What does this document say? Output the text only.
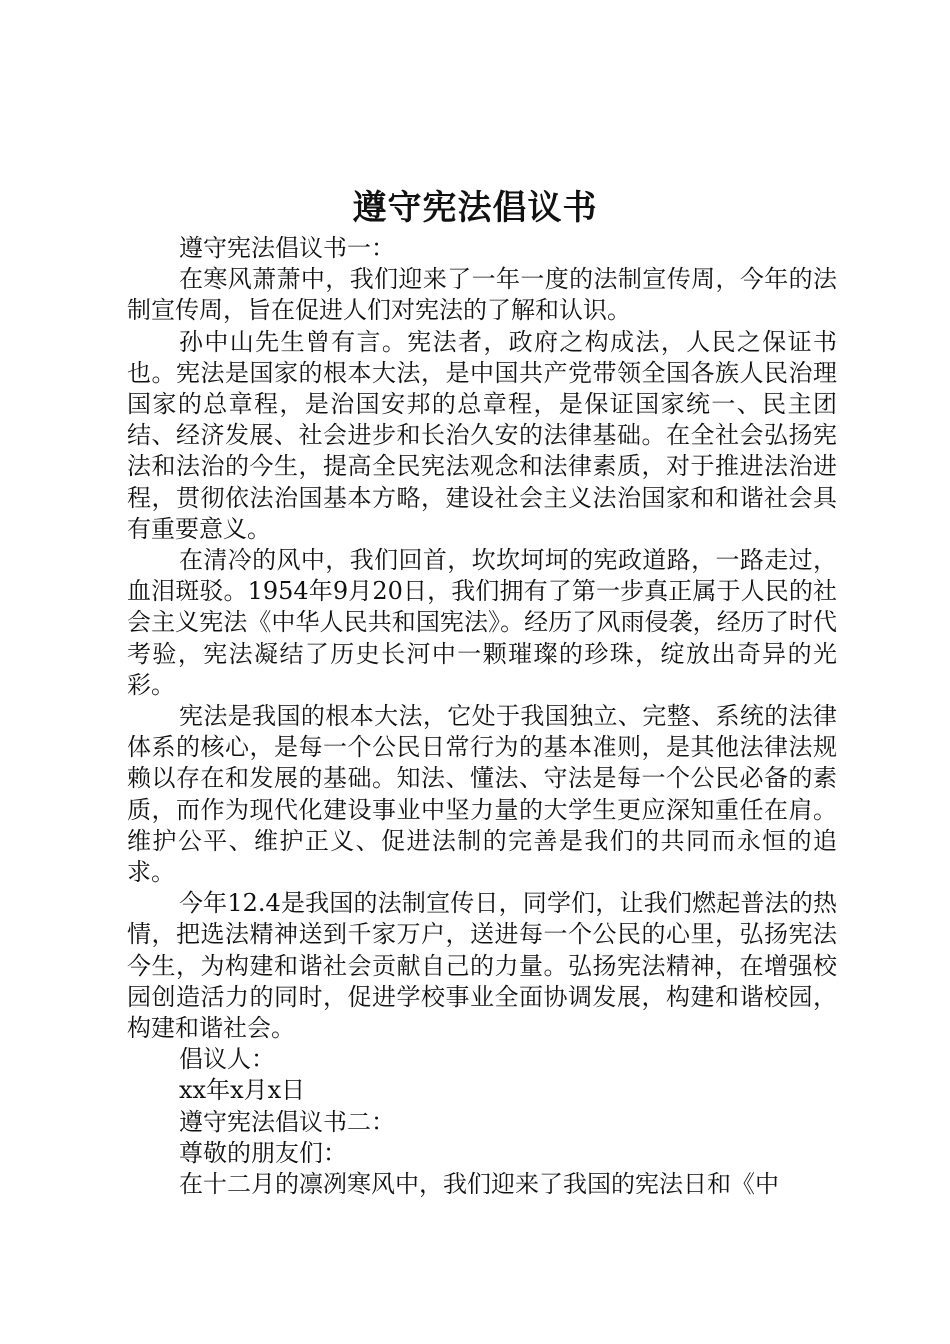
遵守宪法倡议书

遵守宪法倡议书一：

在寒风萧萧中，我们迎来了一年一度的法制宣传周，今年的法制宣传周，旨在促进人们对宪法的了解和认识。

孙中山先生曾有言。宪法者，政府之构成法，人民之保证书也。宪法是国家的根本大法，是中国共产党带领全国各族人民治理国家的总章程，是治国安邦的总章程，是保证国家统一、民主团结、经济发展、社会进步和长治久安的法律基础。在全社会弘扬宪法和法治的今生，提高全民宪法观念和法律素质，对于推进法治进程，贯彻依法治国基本方略，建设社会主义法治国家和和谐社会具有重要意义。

在清冷的风中，我们回首，坎坎坷坷的宪政道路，一路走过，血泪斑驳。1954年9月20日，我们拥有了第一步真正属于人民的社会主义宪法《中华人民共和国宪法》。经历了风雨侵袭，经历了时代考验，宪法凝结了历史长河中一颗璀璨的珍珠，绽放出奇异的光彩。

宪法是我国的根本大法，它处于我国独立、完整、系统的法律体系的核心，是每一个公民日常行为的基本准则，是其他法律法规赖以存在和发展的基础。知法、懂法、守法是每一个公民必备的素质，而作为现代化建设事业中坚力量的大学生更应深知重任在肩。维护公平、维护正义、促进法制的完善是我们的共同而永恒的追求。

今年12.4是我国的法制宣传日，同学们，让我们燃起普法的热情，把选法精神送到千家万户，送进每一个公民的心里，弘扬宪法今生，为构建和谐社会贡献自己的力量。弘扬宪法精神，在增强校园创造活力的同时，促进学校事业全面协调发展，构建和谐校园，构建和谐社会。

倡议人：

xx年x月x日

遵守宪法倡议书二：

尊敬的朋友们：

在十二月的凛冽寒风中，我们迎来了我国的宪法日和《中
